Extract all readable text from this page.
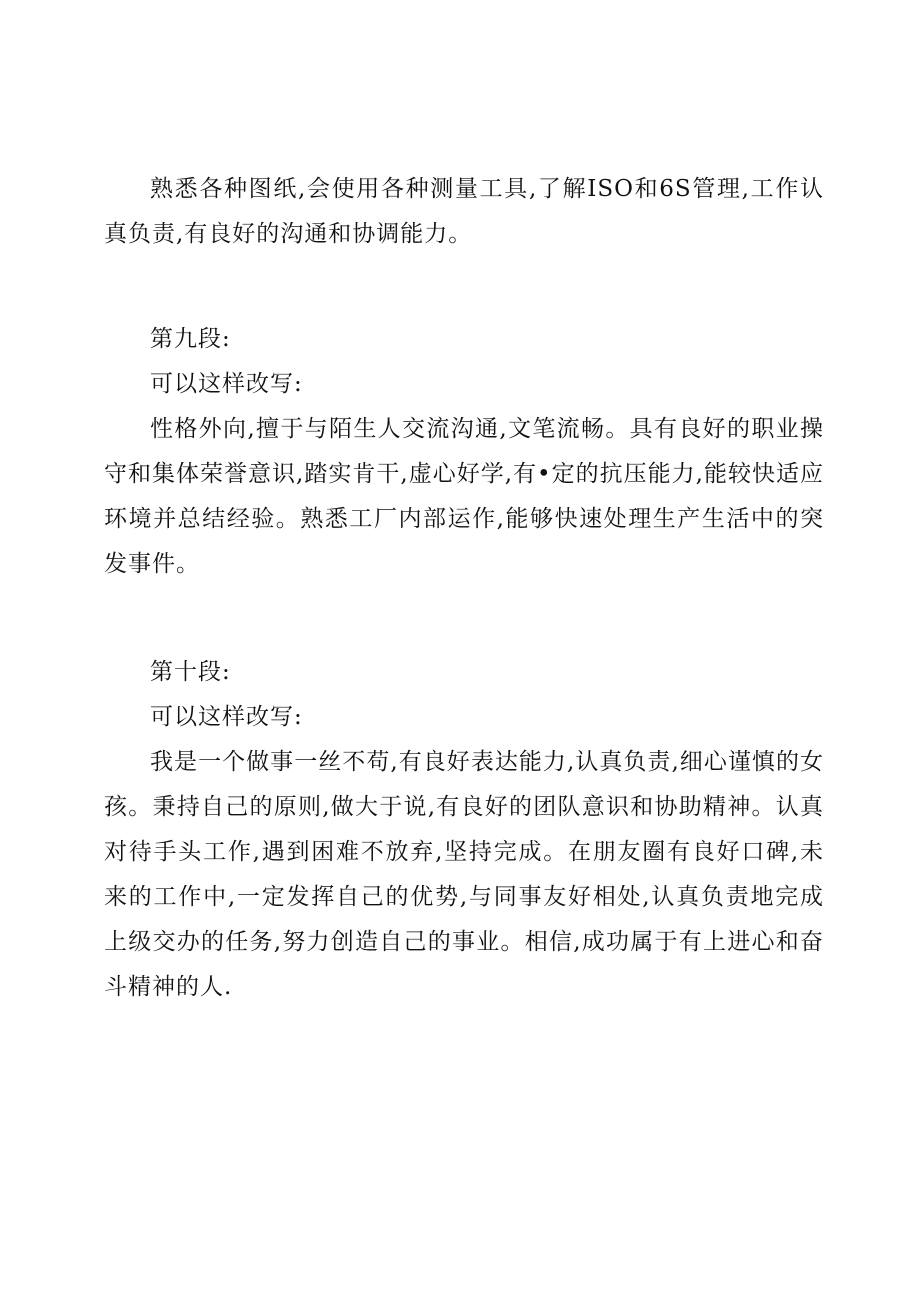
熟悉各种图纸,会使用各种测量工具,了解ISO和6S管理,工作认真负责,有良好的沟通和协调能力。

第九段:

可以这样改写:

性格外向,擅于与陌生人交流沟通,文笔流畅。具有良好的职业操守和集体荣誉意识,踏实肯干,虚心好学,有•定的抗压能力,能较快适应环境并总结经验。熟悉工厂内部运作,能够快速处理生产生活中的突发事件。

第十段:

可以这样改写:

我是一个做事一丝不苟,有良好表达能力,认真负责,细心谨慎的女孩。秉持自己的原则,做大于说,有良好的团队意识和协助精神。认真对待手头工作,遇到困难不放弃,坚持完成。在朋友圈有良好口碑,未来的工作中,一定发挥自己的优势,与同事友好相处,认真负责地完成上级交办的任务,努力创造自己的事业。相信,成功属于有上进心和奋斗精神的人.
